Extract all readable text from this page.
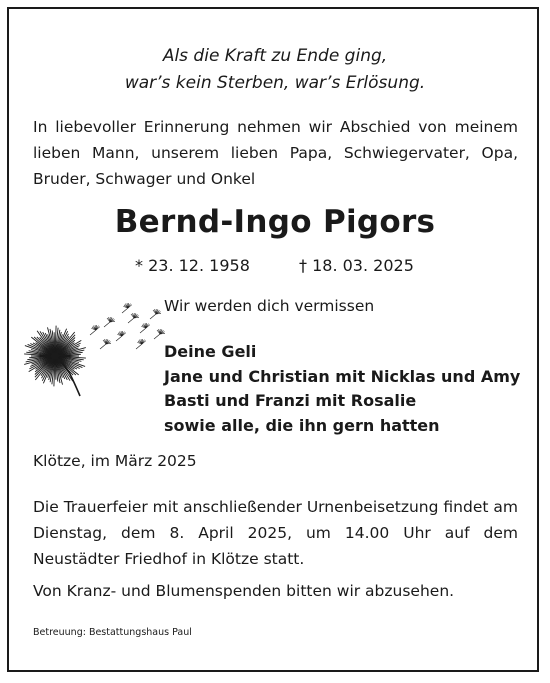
Als die Kraft zu Ende ging,
war’s kein Sterben, war’s Erlösung.
In liebevoller Erinnerung nehmen wir Abschied von meinem lieben Mann, unserem lieben Papa, Schwiegervater, Opa, Bruder, Schwager und Onkel
Bernd-Ingo Pigors
* 23. 12. 1958	† 18. 03. 2025
Wir werden dich vermissen
Deine Geli
Jane und Christian mit Nicklas und Amy
Basti und Franzi mit Rosalie
sowie alle, die ihn gern hatten
Klötze, im März 2025
Die Trauerfeier mit anschließender Urnenbeisetzung findet am Dienstag, dem 8. April 2025, um 14.00 Uhr auf dem Neustädter Friedhof in Klötze statt.
Von Kranz- und Blumenspenden bitten wir abzusehen.
Betreuung: Bestattungshaus Paul
